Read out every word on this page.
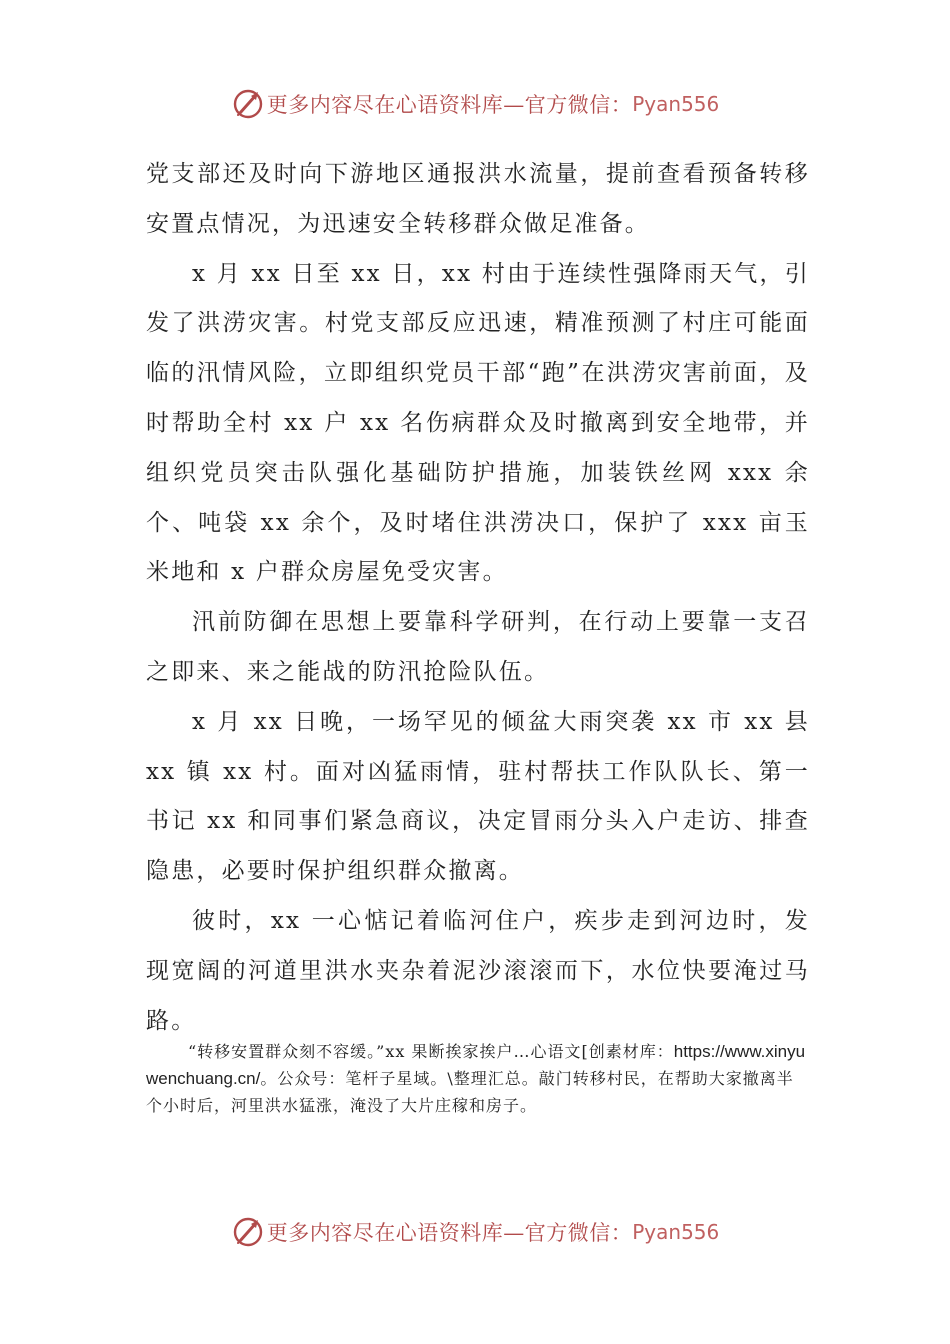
更多内容尽在心语资料库—官方微信： Pyan556

党支部还及时向下游地区通报洪水流量，提前查看预备转移安置点情况，为迅速安全转移群众做足准备。

x 月 xx 日至 xx 日，xx 村由于连续性强降雨天气，引发了洪涝灾害。村党支部反应迅速，精准预测了村庄可能面临的汛情风险，立即组织党员干部“跑”在洪涝灾害前面，及时帮助全村 xx 户 xx 名伤病群众及时撤离到安全地带，并组织党员突击队强化基础防护措施，加装铁丝网 xxx 余个、吨袋 xx 余个，及时堵住洪涝决口，保护了 xxx 亩玉米地和 x 户群众房屋免受灾害。

汛前防御在思想上要靠科学研判，在行动上要靠一支召之即来、来之能战的防汛抢险队伍。

x 月 xx 日晚，一场罕见的倾盆大雨突袭 xx 市 xx 县 xx 镇 xx 村。面对凶猛雨情，驻村帮扶工作队队长、第一书记 xx 和同事们紧急商议，决定冒雨分头入户走访、排查隐患，必要时保护组织群众撤离。

彼时，xx 一心惦记着临河住户，疾步走到河边时，发现宽阔的河道里洪水夹杂着泥沙滚滚而下，水位快要淹过马路。

“转移安置群众刻不容缓。”xx 果断挨家挨户…心语文[创素材库：https://www.xinyuwenchuang.cn/。公众号：笔杆子星域。\整理汇总。敲门转移村民，在帮助大家撤离半个小时后，河里洪水猛涨，淹没了大片庄稼和房子。

更多内容尽在心语资料库—官方微信： Pyan556
